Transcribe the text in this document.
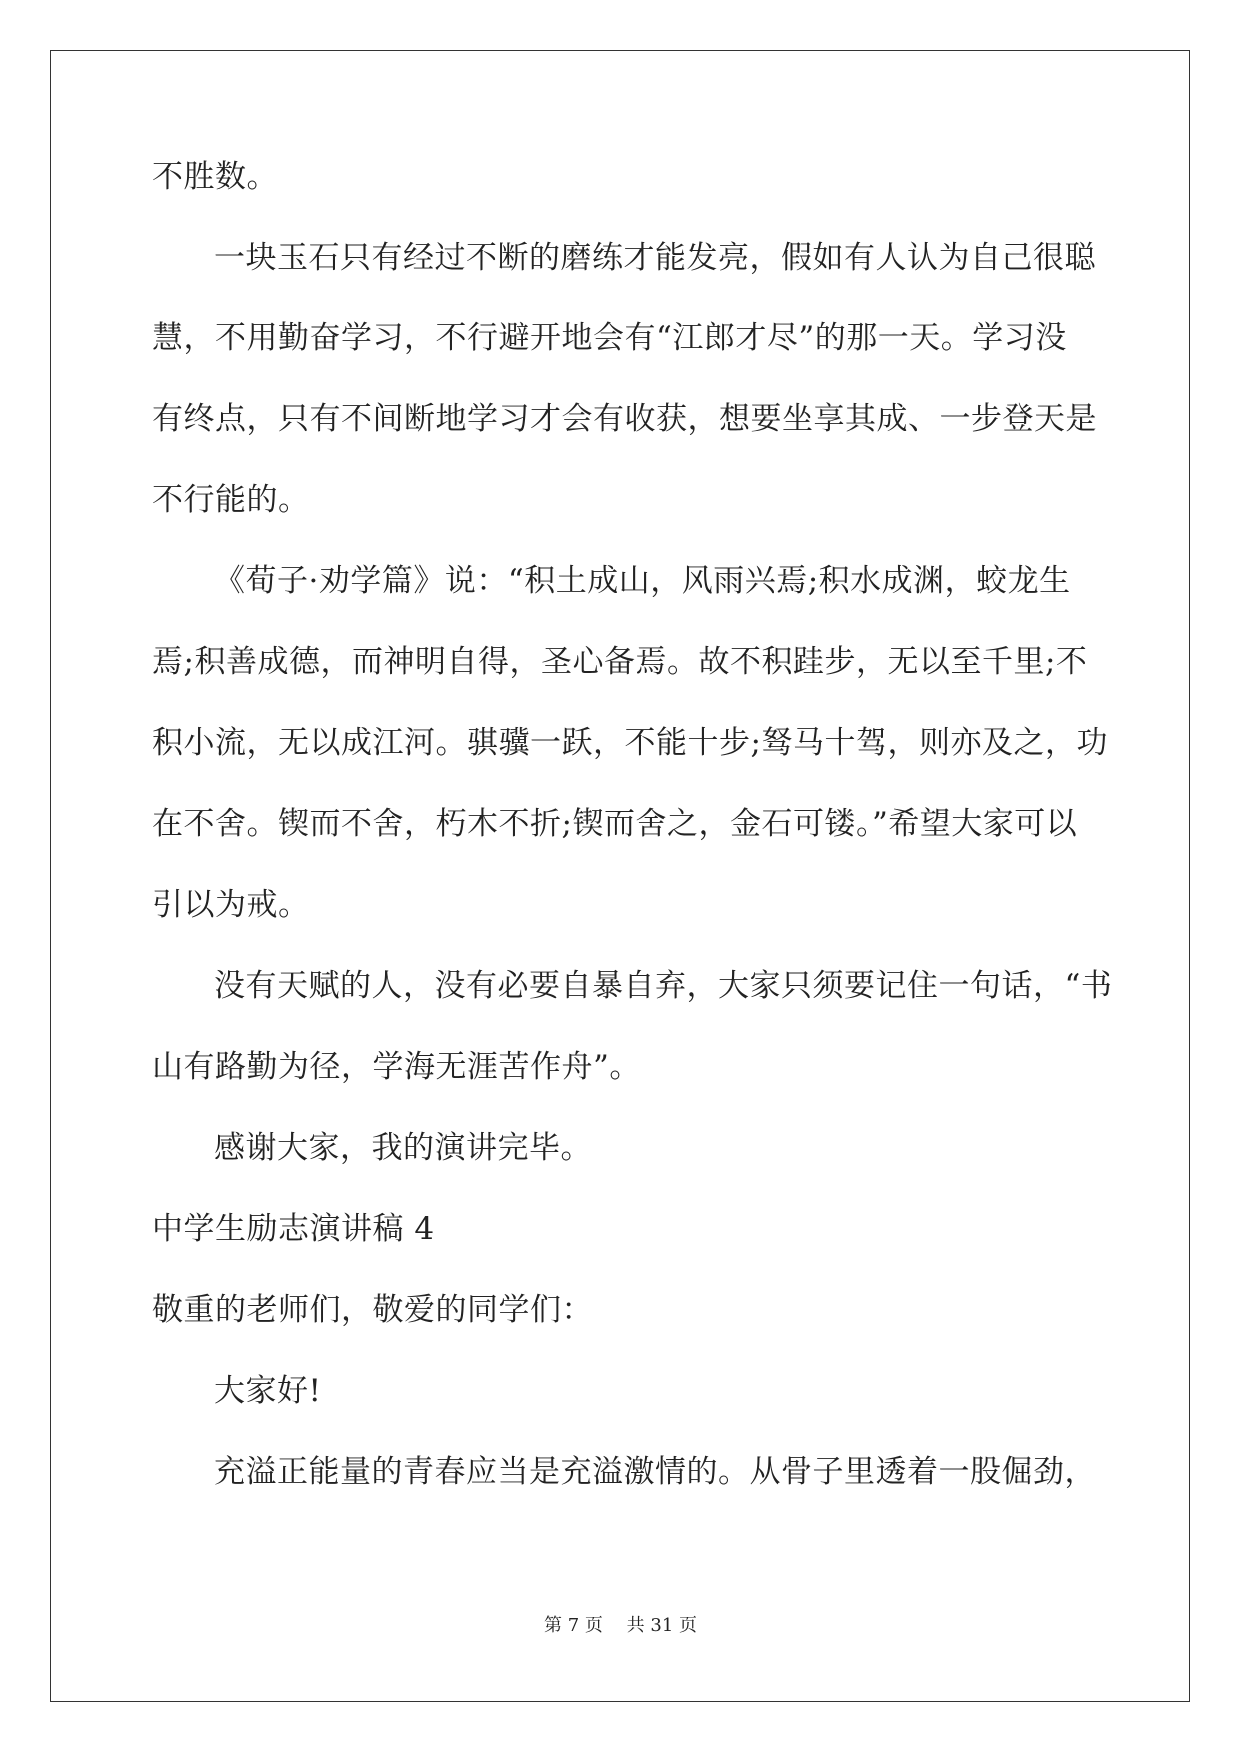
不胜数。
一块玉石只有经过不断的磨练才能发亮，假如有人认为自己很聪
慧，不用勤奋学习，不行避开地会有“江郎才尽”的那一天。学习没
有终点，只有不间断地学习才会有收获，想要坐享其成、一步登天是
不行能的。
《荀子·劝学篇》说：“积土成山，风雨兴焉;积水成渊，蛟龙生
焉;积善成德，而神明自得，圣心备焉。故不积跬步，无以至千里;不
积小流，无以成江河。骐骥一跃，不能十步;驽马十驾，则亦及之，功
在不舍。锲而不舍，朽木不折;锲而舍之，金石可镂。”希望大家可以
引以为戒。
没有天赋的人，没有必要自暴自弃，大家只须要记住一句话，“书
山有路勤为径，学海无涯苦作舟”。
感谢大家，我的演讲完毕。
中学生励志演讲稿 4
敬重的老师们，敬爱的同学们：
大家好!
充溢正能量的青春应当是充溢激情的。从骨子里透着一股倔劲，
第 7 页 共 31 页
